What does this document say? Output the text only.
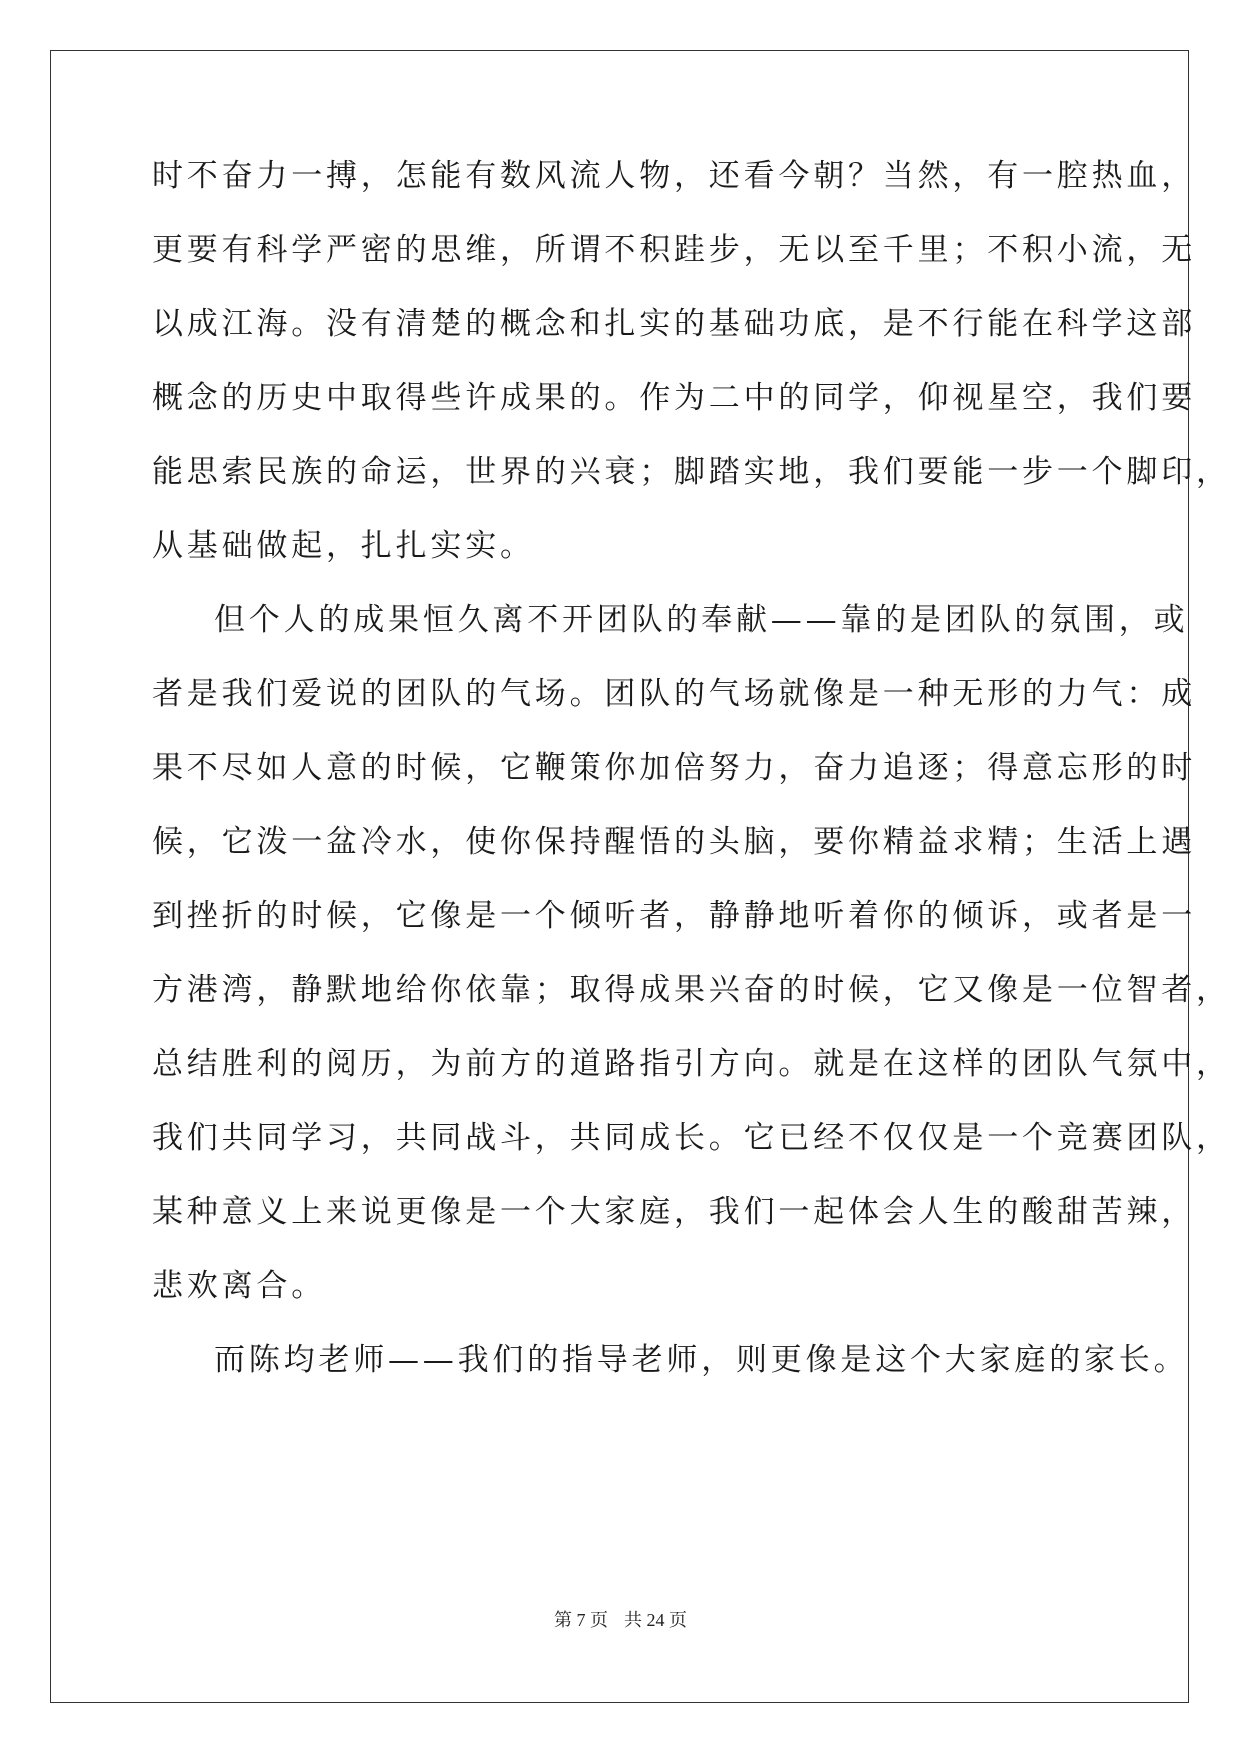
时不奋力一搏，怎能有数风流人物，还看今朝？当然，有一腔热血，
更要有科学严密的思维，所谓不积跬步，无以至千里；不积小流，无
以成江海。没有清楚的概念和扎实的基础功底，是不行能在科学这部
概念的历史中取得些许成果的。作为二中的同学，仰视星空，我们要
能思索民族的命运，世界的兴衰；脚踏实地，我们要能一步一个脚印，
从基础做起，扎扎实实。
但个人的成果恒久离不开团队的奉献——靠的是团队的氛围，或
者是我们爱说的团队的气场。团队的气场就像是一种无形的力气：成
果不尽如人意的时候，它鞭策你加倍努力，奋力追逐；得意忘形的时
候，它泼一盆冷水，使你保持醒悟的头脑，要你精益求精；生活上遇
到挫折的时候，它像是一个倾听者，静静地听着你的倾诉，或者是一
方港湾，静默地给你依靠；取得成果兴奋的时候，它又像是一位智者，
总结胜利的阅历，为前方的道路指引方向。就是在这样的团队气氛中，
我们共同学习，共同战斗，共同成长。它已经不仅仅是一个竞赛团队，
某种意义上来说更像是一个大家庭，我们一起体会人生的酸甜苦辣，
悲欢离合。
而陈均老师——我们的指导老师，则更像是这个大家庭的家长。
第 7 页 共 24 页
